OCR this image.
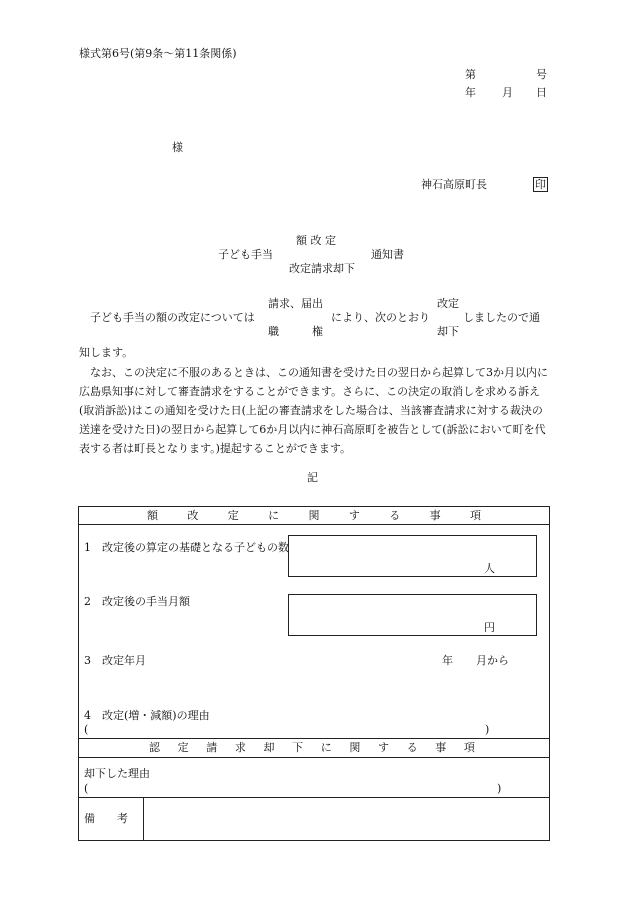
様式第6号(第9条〜第11条関係)
第	号
年 月 日
様
神石高原町長	印
額 改 定
子ども手当	通知書
改定請求却下
請求、届出	改定
子ども手当の額の改定については	により、次のとおり	しましたので通
職　　　権	却下
知します。
なお、この決定に不服のあるときは、この通知書を受けた日の翌日から起算して3か月以内に広島県知事に対して審査請求をすることができます。さらに、この決定の取消しを求める訴え(取消訴訟)はこの通知を受けた日(上記の審査請求をした場合は、当該審査請求に対する裁決の送達を受けた日)の翌日から起算して6か月以内に神石高原町を被告として(訴訟において町を代表する者は町長となります。)提起することができます。
記
額	改	定	に	関	す	る	事	項
1　改定後の算定の基礎となる子どもの数
人
2　改定後の手当月額
円
3　改定年月	年 月から
4　改定(増・減額)の理由
(	)
認 定 請 求 却 下 に 関 す る 事 項
却下した理由
(	)
備　　考
